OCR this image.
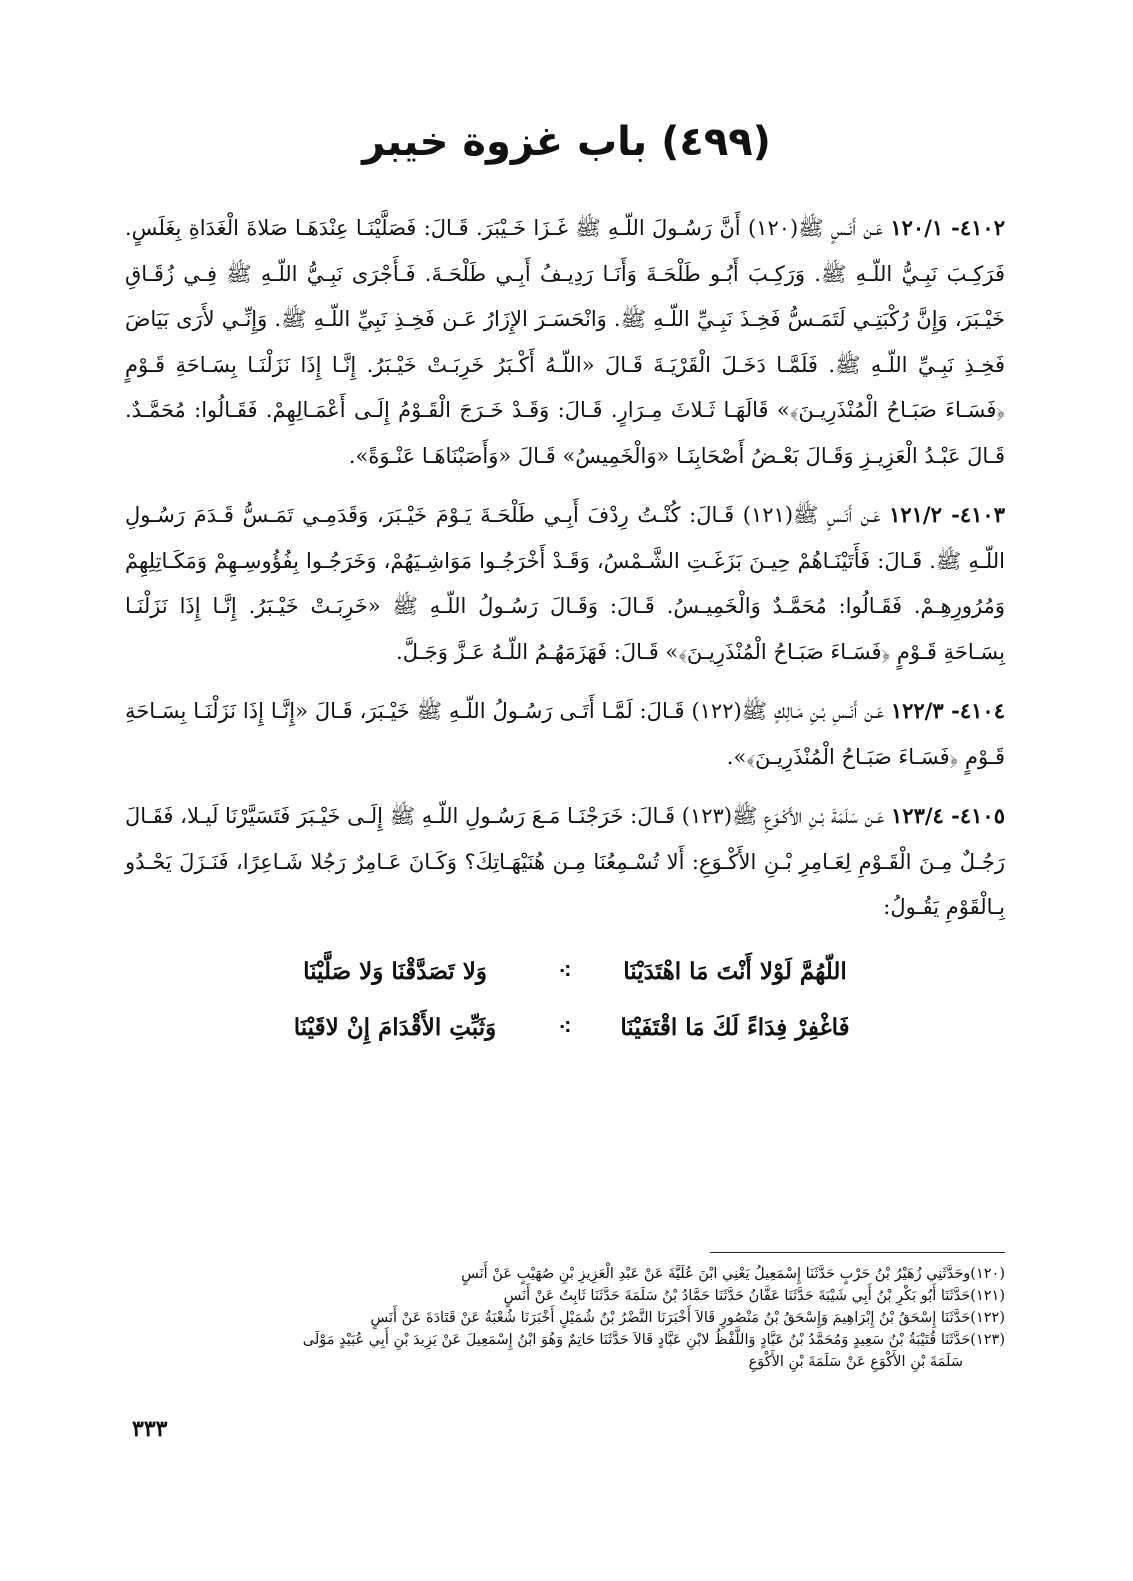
(٤٩٩) باب غزوة خيبر

٤١٠٢- ١٢٠/١ عَـن أَنَـسٍ ﷺ(١٢٠) أَنَّ رَسُـولَ اللّـهِ ﷺ غَـزَا خَـيْبَرَ. قَـالَ: فَصَلَّيْنَـا عِنْدَهَـا صَلاةَ الْغَدَاةِ بِغَلَسٍ. فَرَكِـبَ نَبِـيُّ اللّـهِ ﷺ. وَرَكِـبَ أَبُـو طَلْحَـةَ وَأَنَـا رَدِيـفُ أَبِـي طَلْحَـةَ. فَـأَجْرَى نَبِـيُّ اللّـهِ ﷺ فِـي زُقَـاقِ خَيْـبَرَ، وَإِنَّ رُكْبَتِـي لَتَمَـسُّ فَخِـذَ نَبِـيِّ اللّـهِ ﷺ. وَانْحَسَـرَ الإِزَارُ عَـن فَخِـذِ نَبِيِّ اللّـهِ ﷺ. وَإِنِّـي لأَرَى بَيَاضَ فَخِـذِ نَبِـيِّ اللّـهِ ﷺ. فَلَمَّـا دَخَـلَ الْقَرْيَـةَ قَـالَ «اللّـهُ أَكْـبَرُ خَرِبَـتْ خَيْـبَرُ. إِنَّـا إِذَا نَزَلْنَـا بِسَـاحَةِ قَـوْمٍ ﴿فَسَـاءَ صَبَـاحُ الْمُنْذَرِيـنَ﴾» قَالَهَـا ثَـلاثَ مِـرَارٍ. قَـالَ: وَقَـدْ خَـرَجَ الْقَـوْمُ إِلَـى أَعْمَـالِهِمْ. فَقَـالُوا: مُحَمَّـدٌ. قَـالَ عَبْـدُ الْعَزِيـزِ وَقَـالَ بَعْـضُ أَصْحَابِنَـا «وَالْخَمِيسُ» قَـالَ «وَأَصَبْنَاهَـا عَنْـوَةً».

٤١٠٣- ١٢١/٢ عَـن أَنَـسٍ ﷺ(١٢١) قَـالَ: كُنْـتُ رِدْفَ أَبِـي طَلْحَـةَ يَـوْمَ خَيْـبَرَ، وَقَدَمِـي تَمَـسُّ قَـدَمَ رَسُـولِ اللّـهِ ﷺ. قَـالَ: فَأَتَيْنَـاهُمْ حِيـنَ بَزَغَـتِ الشَّـمْسُ، وَقَـدْ أَخْرَجُـوا مَوَاشِـيَهُمْ، وَخَرَجُـوا بِفُؤُوسِـهِمْ وَمَكَـاتِلِهِمْ وَمُرُورِهِـمْ. فَقَـالُوا: مُحَمَّـدٌ وَالْخَمِيـسُ. قَـالَ: وَقَـالَ رَسُـولُ اللّـهِ ﷺ «خَرِبَـتْ خَيْـبَرُ. إِنَّـا إِذَا نَزَلْنَـا بِسَـاحَةِ قَـوْمٍ ﴿فَسَـاءَ صَبَـاحُ الْمُنْذَرِيـنَ﴾» قَـالَ: فَهَزَمَهُـمُ اللّـهُ عَـزَّ وَجَـلَّ.

٤١٠٤- ١٢٢/٣ عَـن أَنَـسِ بْـنِ مَـالِكٍ ﷺ(١٢٢) قَـالَ: لَمَّـا أَتَـى رَسُـولُ اللّـهِ ﷺ خَيْـبَرَ، قَـالَ «إِنَّـا إِذَا نَزَلْنَـا بِسَـاحَةِ قَـوْمٍ ﴿فَسَـاءَ صَبَـاحُ الْمُنْذَرِيـنَ﴾».

٤١٠٥- ١٢٣/٤ عَـن سَلَمَةَ بْـنِ الأَكْـوَعِ ﷺ(١٢٣) قَـالَ: خَرَجْنَـا مَـعَ رَسُـولِ اللّـهِ ﷺ إِلَـى خَيْـبَرَ فَتَسَيَّرْنَا لَيـلا، فَقَـالَ رَجُـلٌ مِـنَ الْقَـوْمِ لِعَـامِرِ بْـنِ الأَكْـوَعِ: أَلا تُسْـمِعُنَا مِـن هُنَيْهَـاتِكَ؟ وَكَـانَ عَـامِرٌ رَجُلا شَـاعِرًا، فَنَـزَلَ يَحْـدُو بِـالْقَوْمِ يَقُـولُ:

اللّهُمَّ لَوْلا أَنْتَ مَا اهْتَدَيْنَا
⁖
وَلا تَصَدَّقْنَا وَلا صَلَّيْنَا
فَاغْفِرْ فِدَاءً لَكَ مَا اقْتَفَيْنَا
⁖
وَثَبِّتِ الأَقْدَامَ إِنْ لاقَيْنَا

(١٢٠)وحَدَّثَنِي زُهَيْرُ بْنُ حَرْبٍ حَدَّثَنَا إِسْمَعِيلُ يَعْنِي ابْنَ عُلَيَّةَ عَنْ عَبْدِ الْعَزِيزِ بْنِ صُهَيْبٍ عَنْ أَنَسٍ

(١٢١)حَدَّثَنَا أَبُو بَكْرِ بْنُ أَبِي شَيْبَةَ حَدَّثَنَا عَفَّانُ حَدَّثَنَا حَمَّادُ بْنُ سَلَمَةَ حَدَّثَنَا ثَابِتٌ عَنْ أَنَسٍ

(١٢٢)حَدَّثَنَا إِسْحَقُ بْنُ إِبْرَاهِيمَ وَإِسْحَقُ بْنُ مَنْصُورٍ قَالاَ أَخْبَرَنَا النَّضْرُ بْنُ شُمَيْلٍ أَخْبَرَنَا شُعْبَةُ عَنْ قَتَادَةَ عَنْ أَنَسٍ

(١٢٣)حَدَّثَنَا قُتَيْبَةُ بْنُ سَعِيدٍ وَمُحَمَّدُ بْنُ عَبَّادٍ وَاللَّفْظُ لابْنِ عَبَّادٍ قَالاَ حَدَّثَنَا حَاتِمٌ وَهُوَ ابْنُ إِسْمَعِيلَ عَنْ يَزِيدَ بْنِ أَبِي عُبَيْدٍ مَوْلَى
سَلَمَةَ بْنِ الأَكْوَعِ عَنْ سَلَمَةَ بْنِ الأَكْوَعِ

٣٣٣
